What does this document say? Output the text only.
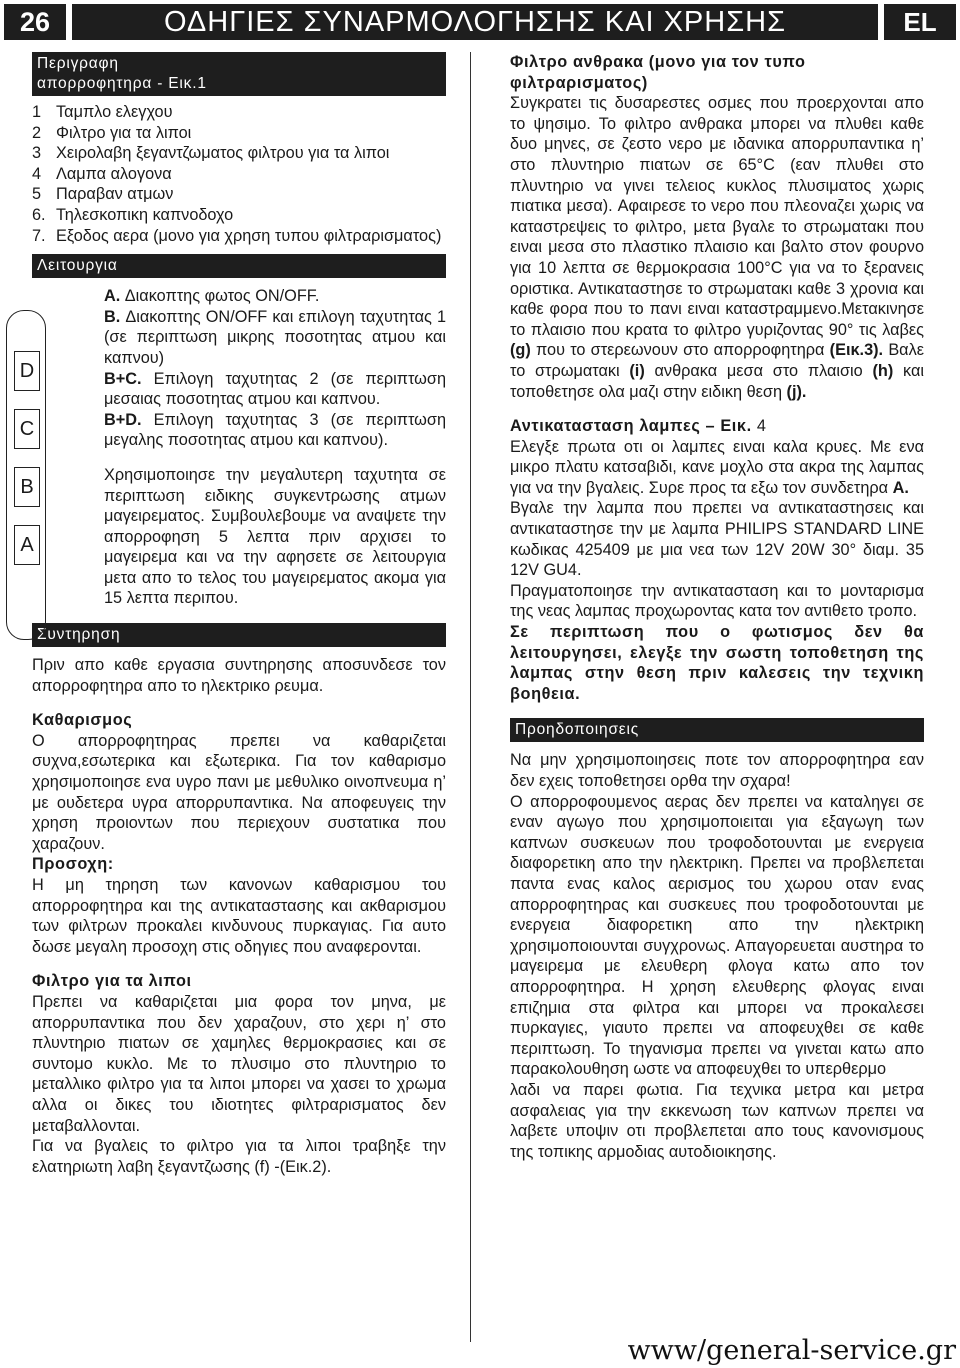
26	ΟΔΗΓΙΕΣ ΣΥΝΑΡΜΟΛΟΓΗΣΗΣ ΚΑΙ ΧΡΗΣΗΣ	EL
Περιγραφη
απορροφητηρα - Εικ.1
1 Ταμπλο ελεγχου
2 Φιλτρο για τα λιποι
3 Χειρολαβη ξεγαντζωματος φιλτρου για τα λιποι
4 Λαμπα αλογονα
5 Παραβαν ατμων
6. Τηλεσκοπικη καπνοδοχο
7. Εξοδος αερα (μονο για χρηση τυπου φιλτραρισματος)
Λειτουργια
D
C
B
A
A. Διακοπτης φωτος ON/OFF.
B. Διακοπτης ON/OFF και επιλογη ταχυτητας 1 (σε περιπτωση μικρης ποσοτητας ατμου και καπνου)
B+C. Επιλογη ταχυτητας 2 (σε περιπτωση μεσαιας ποσοτητας ατμου και καπνου.
B+D. Επιλογη ταχυτητας 3 (σε περιπτωση μεγαλης ποσοτητας ατμου και καπνου).
Χρησιμοποιησε την μεγαλυτερη ταχυτητα σε περιπτωση ειδικης συγκεντρωσης ατμων μαγειρεματος. Συμβουλεβουμε να αναψετε την απορροφηση 5 λεπτα πριν αρχισει το μαγειρεμα και να την αφησετε σε λειτουργια μετα απο το τελος του μαγειρεματος ακομα για 15 λεπτα περιπου.
Συντηρηση

Πριν απο καθε εργασια συντηρησης αποσυνδεσε τον απορροφητηρα απο το ηλεκτρικο ρευμα.

Καθαρισμος

Ο απορροφητηρας πρεπει να καθαριζεται συχνα,εσωτερικα και εξωτερικα. Για τον καθαρισμο χρησιμοποιησε ενα υγρο πανι με μεθυλικο οινοπνευμα η’ με ουδετερα υγρα απορρυπαντικα. Να αποφευγεις την χρηση προιοντων που περιεχουν συστατικα που χαραζουν.

Προσοχη:

Η μη τηρηση των κανονων καθαρισμου του απορροφητηρα και της αντικαταστασης και ακθαρισμου των φιλτρων προκαλει κινδυνους πυρκαγιας. Για αυτο δωσε μεγαλη προσοχη στις οδηγιες που αναφερονται.

Φιλτρο για τα λιποι

Πρεπει να καθαριζεται μια φορα τον μηνα, με απορρυπαντικα που δεν χαραζουν, στο χερι η’ στο πλυντηριο πιατων σε χαμηλες θερμοκρασιες και σε συντομο κυκλο. Με το πλυσιμο στο πλυντηριο το μεταλλικο φιλτρο για τα λιποι μπορει να χασει το χρωμα αλλα οι δικες του ιδιοτητες φιλτραρισματος δεν μεταβαλλονται.

Για να βγαλεις το φιλτρο για τα λιποι τραβηξε την ελατηριωτη λαβη ξεγαντζωσης (f) -(Εικ.2).

Φιλτρο ανθρακα (μονο για τον τυπο φιλτραρισματος)

Συγκρατει τις δυσαρεστες οσμες που προερχονται απο το ψησιμο. Το φιλτρο ανθρακα μπορει να πλυθει καθε δυο μηνες, σε ζεστο νερο με ιδανικα απορρυπαντικα η’ στο πλυντηριο πιατων σε 65°C (εαν πλυθει στο πλυντηριο να γινει τελειος κυκλος πλυσιματος χωρις πιατικα μεσα). Αφαιρεσε το νερο που πλεοναζει χωρις να καταστρεψεις το φιλτρο, μετα βγαλε το στρωματακι που ειναι μεσα στο πλαστικο πλαισιο και βαλτο στον φουρνο για 10 λεπτα σε θερμοκρασια 100°C για να το ξερανεις οριστικα. Αντικαταστησε το στρωματακι καθε 3 χρονια και καθε φορα που το πανι ειναι καταστραμμενο.Μετακινησε το πλαισιο που κρατα το φιλτρο γυριζοντας 90° τις λαβες (g) που το στερεωνουν στο απορροφητηρα (Εικ.3). Βαλε το στρωματακι (i) ανθρακα μεσα στο πλαισιο (h) και τοποθετησε ολα μαζι στην ειδικη θεση (j).

Αντικατασταση λαμπες – Εικ. 4

Ελεγξε πρωτα οτι οι λαμπες ειναι καλα κρυες. Με ενα μικρο πλατυ κατσαβιδι, κανε μοχλο στα ακρα της λαμπας για να την βγαλεις. Συρε προς τα εξω τον συνδετηρα A.

Βγαλε την λαμπα που πρεπει να αντικαταστησεις και αντικαταστησε την με λαμπα PHILIPS STANDARD LINE κωδικας 425409 με μια νεα των 12V 20W 30° διαμ. 35 12V GU4.

Πραγματοποιησε την αντικατασταση και το μονταρισμα της νεας λαμπας προχωροντας κατα τον αντιθετο τροπο.

Σε περιπτωση που ο φωτισμος δεν θα λειτουργησει, ελεγξε την σωστη τοποθετηση της λαμπας στην θεση πριν καλεσεις την τεχνικη βοηθεια.

Προηδοποιησεις

Να μην χρησιμοποιησεις ποτε τον απορροφητηρα εαν δεν εχεις τοποθετησει ορθα την σχαρα!

Ο απορροφουμενος αερας δεν πρεπει να καταληγει σε εναν αγωγο που χρησιμοποιειται για εξαγωγη των καπνων συσκευων που τροφοδοτουνται με ενεργεια διαφορετικη απο την ηλεκτρικη. Πρεπει να προβλεπεται παντα ενας καλος αερισμος του χωρου οταν ενας απορροφητηρας και συσκευες που τροφοδοτουνται με ενεργεια διαφορετικη απο την ηλεκτρικη χρησιμοποιουνται συγχρονως. Απαγορευεται αυστηρα το μαγειρεμα με ελευθερη φλογα κατω απο τον απορροφητηρα. Η χρηση ελευθερης φλογας ειναι επιζημια στα φιλτρα και μπορει να προκαλεσει πυρκαγιες, γιαυτο πρεπει να αποφευχθει σε καθε περιπτωση. Το τηγανισμα πρεπει να γινεται κατω απο παρακολουθηση ωστε να αποφευχθει το υπερθερμο

λαδι να παρει φωτια. Για τεχνικα μετρα και μετρα ασφαλειας για την εκκενωση των καπνων πρεπει να λαβετε υποψιν οτι προβλεπεται απο τους κανονισμους της τοπικης αρμοδιας αυτοδιοικησης.

www/general-service.gr
